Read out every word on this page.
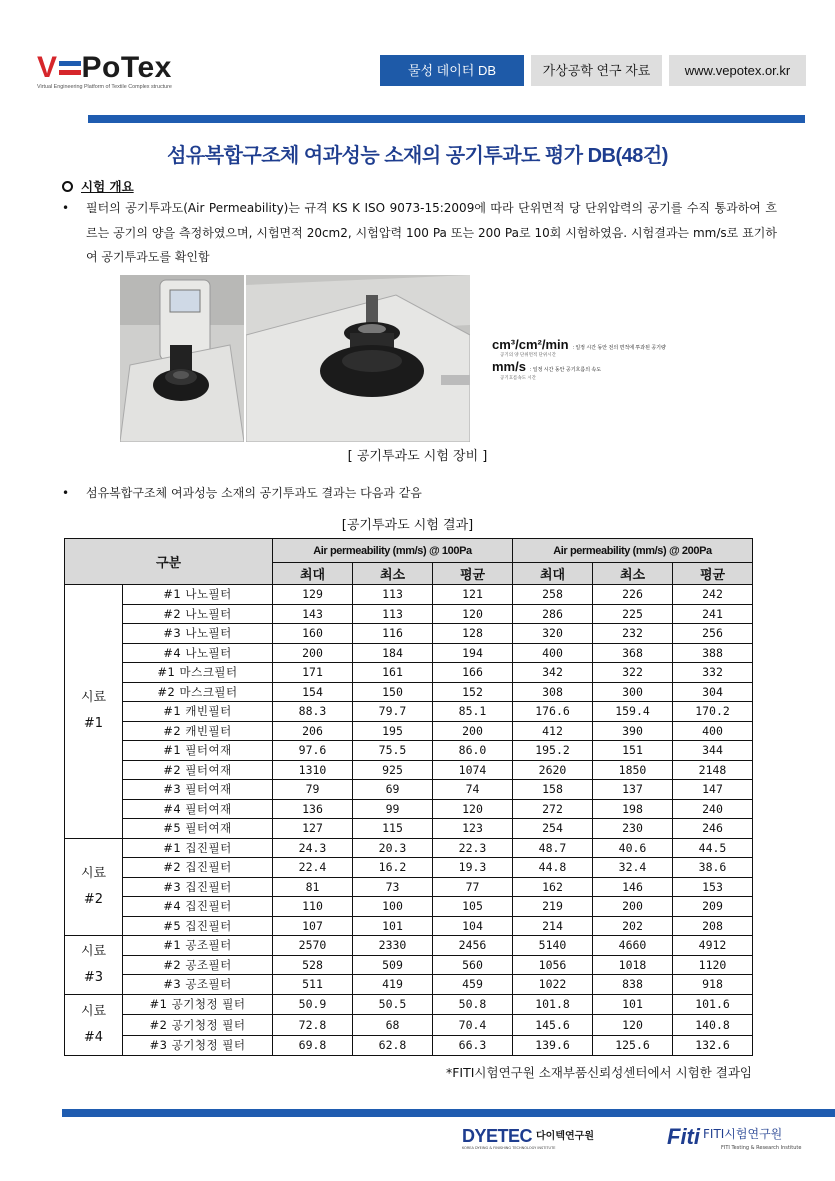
V PoTex
Virtual Engineering Platform of Textile Complex structure
물성 데이터 DB	가상공학 연구 자료	www.vepotex.or.kr
섬유복합구조체 여과성능 소재의 공기투과도 평가 DB(48건)
시험 개요
• 필터의 공기투과도(Air Permeability)는 규격 KS K ISO 9073-15:2009에 따라 단위면적 당 단위압력의 공기를 수직 통과하여 흐르는 공기의 양을 측정하였으며, 시험면적 20cm2, 시험압력 100 Pa 또는 200 Pa로 10회 시험하였음. 시험결과는 mm/s로 표기하여 공기투과도를 확인함
cm³/cm²/min : 일정 시간 동안 전의 면적에 투과된 공기량
공기의 양 단위면적 단위시간
mm/s : 일정 시간 동안 공기흐름의 속도
공기흐름속도 시간
[ 공기투과도 시험 장비 ]
• 섬유복합구조체 여과성능 소재의 공기투과도 결과는 다음과 같음
[공기투과도 시험 결과]
구분		Air permeability (mm/s) @ 100Pa			Air permeability (mm/s) @ 200Pa		
		최대	최소	평균	최대	최소	평균
시료
#1	#1 나노필터	129	113	121	258	226	242
	#2 나노필터	143	113	120	286	225	241
	#3 나노필터	160	116	128	320	232	256
	#4 나노필터	200	184	194	400	368	388
	#1 마스크필터	171	161	166	342	322	332
	#2 마스크필터	154	150	152	308	300	304
	#1 캐빈필터	88.3	79.7	85.1	176.6	159.4	170.2
	#2 캐빈필터	206	195	200	412	390	400
	#1 필터여재	97.6	75.5	86.0	195.2	151	344
	#2 필터여재	1310	925	1074	2620	1850	2148
	#3 필터여재	79	69	74	158	137	147
	#4 필터여재	136	99	120	272	198	240
	#5 필터여재	127	115	123	254	230	246
시료
#2	#1 집진필터	24.3	20.3	22.3	48.7	40.6	44.5
	#2 집진필터	22.4	16.2	19.3	44.8	32.4	38.6
	#3 집진필터	81	73	77	162	146	153
	#4 집진필터	110	100	105	219	200	209
	#5 집진필터	107	101	104	214	202	208
시료
#3	#1 공조필터	2570	2330	2456	5140	4660	4912
	#2 공조필터	528	509	560	1056	1018	1120
	#3 공조필터	511	419	459	1022	838	918
시료
#4	#1 공기청정 필터	50.9	50.5	50.8	101.8	101	101.6
	#2 공기청정 필터	72.8	68	70.4	145.6	120	140.8
	#3 공기청정 필터	69.8	62.8	66.3	139.6	125.6	132.6
*FITI시험연구원 소재부품신뢰성센터에서 시험한 결과임
DYETEC 다이텍연구원
KOREA DYEING & FINISHING TECHNOLOGY INSTITUTE	Fiti $^{FITI시험연구원}$
FITI Testing & Research Institute
